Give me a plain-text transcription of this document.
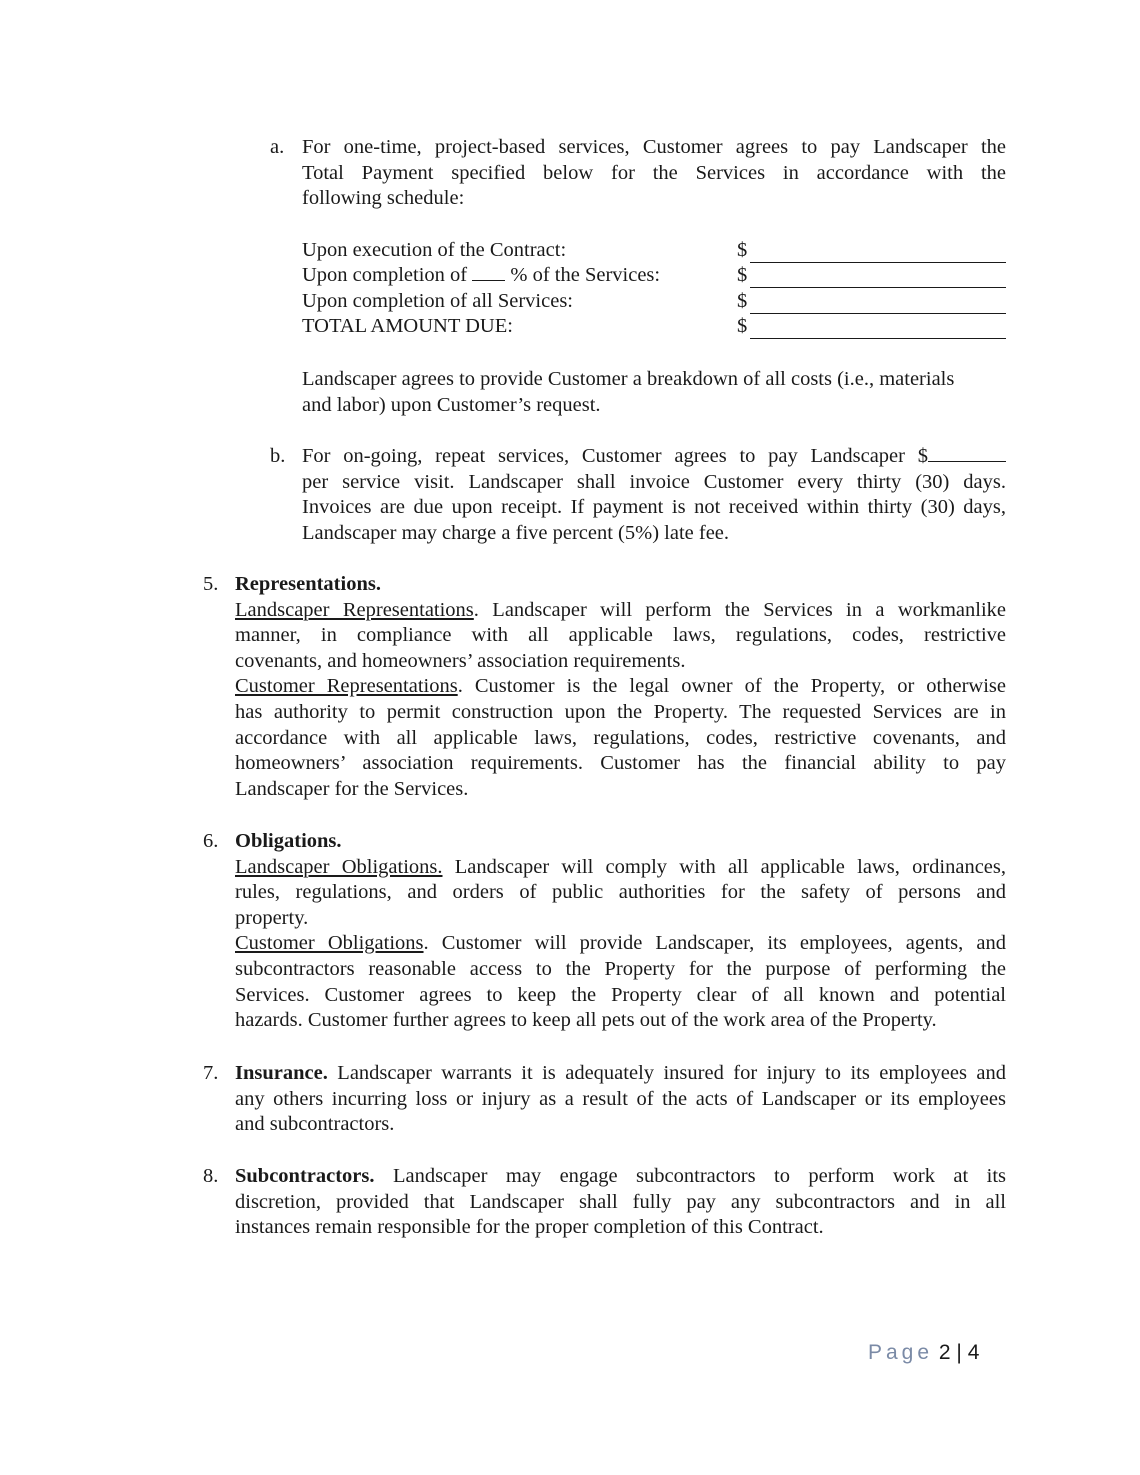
a. For one-time, project-based services, Customer agrees to pay Landscaper the
Total Payment specified below for the Services in accordance with the
following schedule:
Upon execution of the Contract:	$
Upon completion of  % of the Services:	$
Upon completion of all Services:	$
TOTAL AMOUNT DUE:	$
Landscaper agrees to provide Customer a breakdown of all costs (i.e., materials
and labor) upon Customer’s request.
b. For on-going, repeat services, Customer agrees to pay Landscaper $
per service visit. Landscaper shall invoice Customer every thirty (30) days.
Invoices are due upon receipt. If payment is not received within thirty (30) days,
Landscaper may charge a five percent (5%) late fee.
5. Representations.
Landscaper Representations. Landscaper will perform the Services in a workmanlike
manner, in compliance with all applicable laws, regulations, codes, restrictive
covenants, and homeowners’ association requirements.
Customer Representations. Customer is the legal owner of the Property, or otherwise
has authority to permit construction upon the Property. The requested Services are in
accordance with all applicable laws, regulations, codes, restrictive covenants, and
homeowners’ association requirements. Customer has the financial ability to pay
Landscaper for the Services.
6. Obligations.
Landscaper Obligations. Landscaper will comply with all applicable laws, ordinances,
rules, regulations, and orders of public authorities for the safety of persons and
property.
Customer Obligations. Customer will provide Landscaper, its employees, agents, and
subcontractors reasonable access to the Property for the purpose of performing the
Services. Customer agrees to keep the Property clear of all known and potential
hazards. Customer further agrees to keep all pets out of the work area of the Property.
7. Insurance. Landscaper warrants it is adequately insured for injury to its employees and
any others incurring loss or injury as a result of the acts of Landscaper or its employees
and subcontractors.
8. Subcontractors. Landscaper may engage subcontractors to perform work at its
discretion, provided that Landscaper shall fully pay any subcontractors and in all
instances remain responsible for the proper completion of this Contract.
Page 2 | 4
